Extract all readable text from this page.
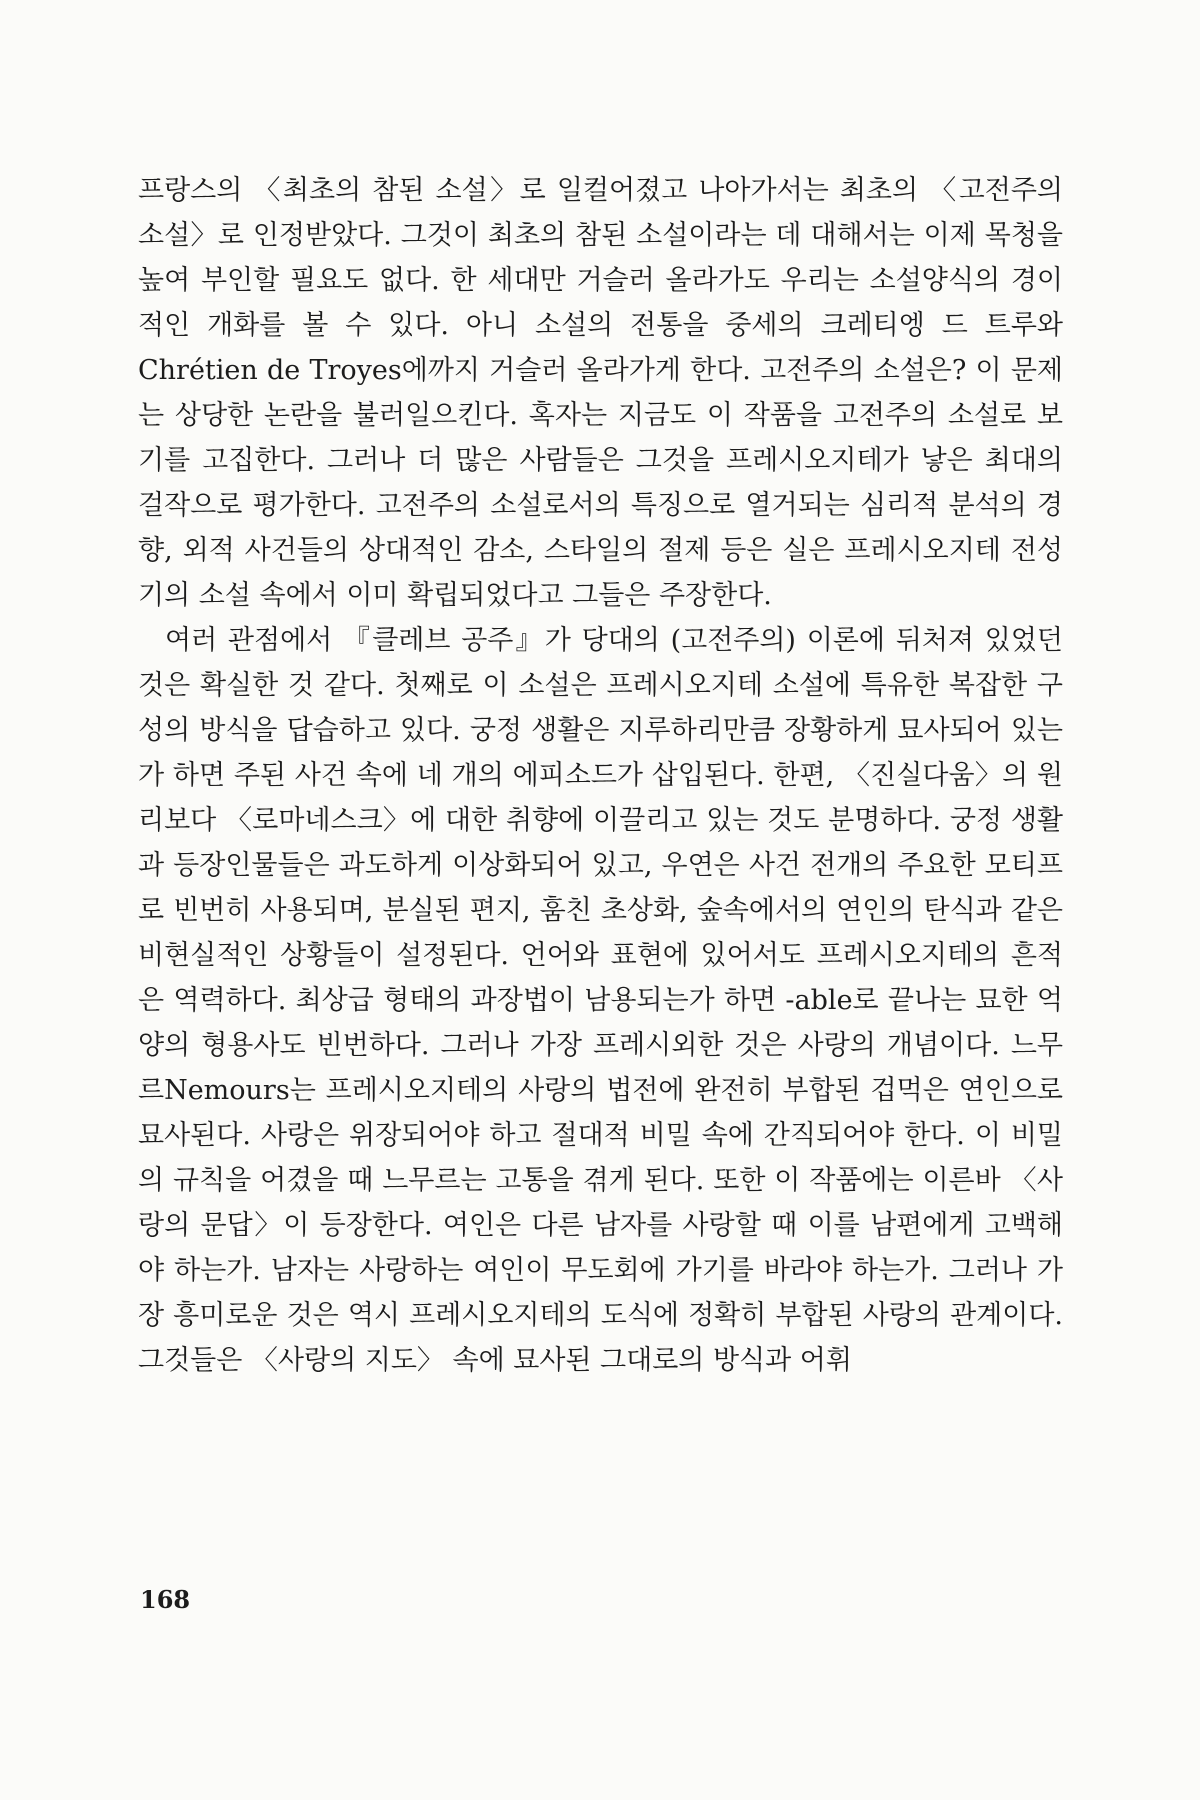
프랑스의 〈최초의 참된 소설〉로 일컬어졌고 나아가서는 최초의 〈고전주의 소설〉로 인정받았다. 그것이 최초의 참된 소설이라는 데 대해서는 이제 목청을 높여 부인할 필요도 없다. 한 세대만 거슬러 올라가도 우리는 소설양식의 경이적인 개화를 볼 수 있다. 아니 소설의 전통을 중세의 크레티엥 드 트루와 Chrétien de Troyes에까지 거슬러 올라가게 한다. 고전주의 소설은? 이 문제는 상당한 논란을 불러일으킨다. 혹자는 지금도 이 작품을 고전주의 소설로 보기를 고집한다. 그러나 더 많은 사람들은 그것을 프레시오지테가 낳은 최대의 걸작으로 평가한다. 고전주의 소설로서의 특징으로 열거되는 심리적 분석의 경향, 외적 사건들의 상대적인 감소, 스타일의 절제 등은 실은 프레시오지테 전성기의 소설 속에서 이미 확립되었다고 그들은 주장한다.

여러 관점에서 『클레브 공주』가 당대의 (고전주의) 이론에 뒤처져 있었던 것은 확실한 것 같다. 첫째로 이 소설은 프레시오지테 소설에 특유한 복잡한 구성의 방식을 답습하고 있다. 궁정 생활은 지루하리만큼 장황하게 묘사되어 있는가 하면 주된 사건 속에 네 개의 에피소드가 삽입된다. 한편, 〈진실다움〉의 원리보다 〈로마네스크〉에 대한 취향에 이끌리고 있는 것도 분명하다. 궁정 생활과 등장인물들은 과도하게 이상화되어 있고, 우연은 사건 전개의 주요한 모티프로 빈번히 사용되며, 분실된 편지, 훔친 초상화, 숲속에서의 연인의 탄식과 같은 비현실적인 상황들이 설정된다. 언어와 표현에 있어서도 프레시오지테의 흔적은 역력하다. 최상급 형태의 과장법이 남용되는가 하면 -able로 끝나는 묘한 억양의 형용사도 빈번하다. 그러나 가장 프레시외한 것은 사랑의 개념이다. 느무르Nemours는 프레시오지테의 사랑의 법전에 완전히 부합된 겁먹은 연인으로 묘사된다. 사랑은 위장되어야 하고 절대적 비밀 속에 간직되어야 한다. 이 비밀의 규칙을 어겼을 때 느무르는 고통을 겪게 된다. 또한 이 작품에는 이른바 〈사랑의 문답〉이 등장한다. 여인은 다른 남자를 사랑할 때 이를 남편에게 고백해야 하는가. 남자는 사랑하는 여인이 무도회에 가기를 바라야 하는가. 그러나 가장 흥미로운 것은 역시 프레시오지테의 도식에 정확히 부합된 사랑의 관계이다. 그것들은 〈사랑의 지도〉 속에 묘사된 그대로의 방식과 어휘

168
